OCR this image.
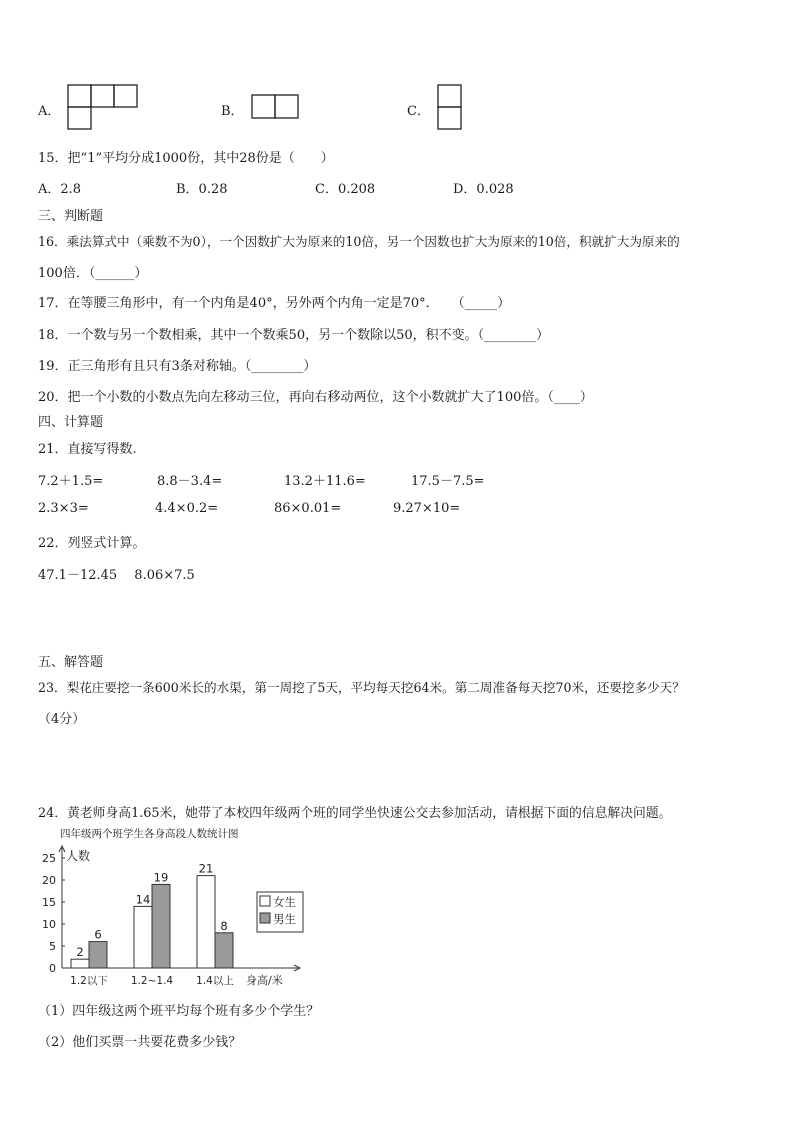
A．	B．	C．
15．把“1”平均分成1000份，其中28份是（　　）
A．2.8	B．0.28	C．0.208	D．0.028
三、判断题
16．乘法算式中（乘数不为0），一个因数扩大为原来的10倍，另一个因数也扩大为原来的10倍，积就扩大为原来的
100倍．（______）
17．在等腰三角形中，有一个内角是40°，另外两个内角一定是70°．　　（_____）
18．一个数与另一个数相乘，其中一个数乘50，另一个数除以50，积不变。（________）
19．正三角形有且只有3条对称轴。（________）
20．把一个小数的小数点先向左移动三位，再向右移动两位，这个小数就扩大了100倍。（____）
四、计算题
21．直接写得数.
7.2＋1.5=	8.8－3.4=	13.2＋11.6=	17.5－7.5=
2.3×3=	4.4×0.2=	86×0.01=	9.27×10=
22．列竖式计算。
47.1－12.45　 8.06×7.5
五、解答题
23．梨花庄要挖一条600米长的水渠，第一周挖了5天，平均每天挖64米。第二周准备每天挖70米，还要挖多少天？
（4分）
24．黄老师身高1.65米，她带了本校四年级两个班的同学坐快速公交去参加活动，请根据下面的信息解决问题。
四年级两个班学生各身高段人数统计图
0
5
10
15
20
25 人数
身高/米
2
6
1.2以下
14
19
1.2~1.4
21
8
1.4以上
女生
男生
（1）四年级这两个班平均每个班有多少个学生？
（2）他们买票一共要花费多少钱？
